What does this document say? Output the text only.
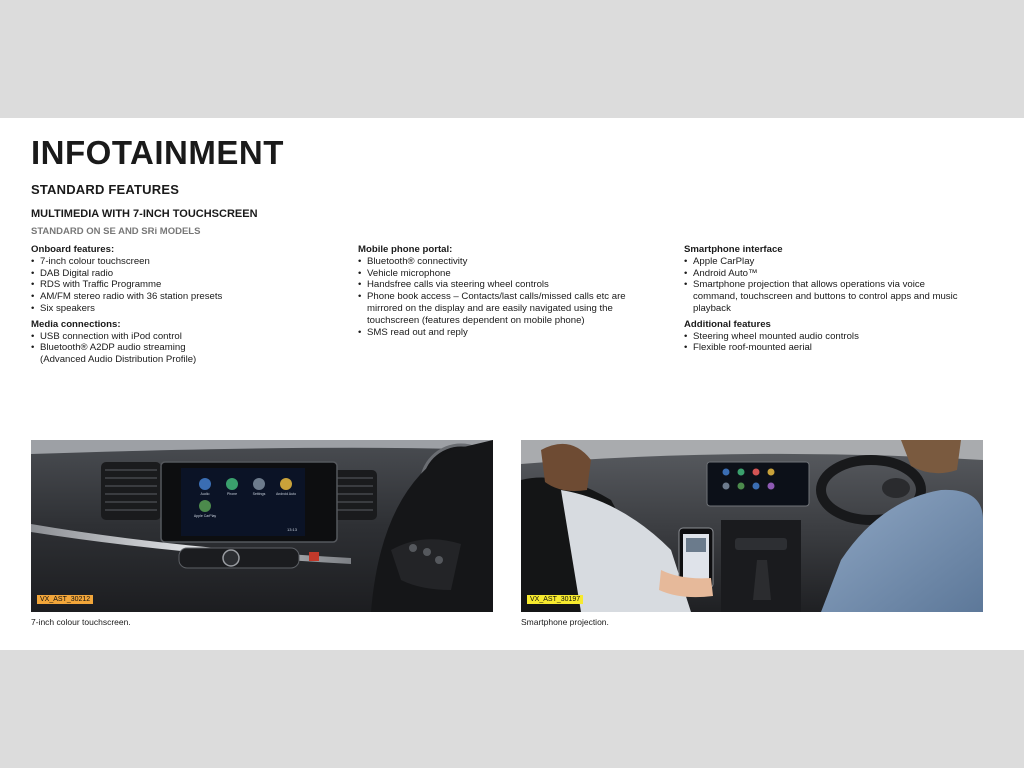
INFOTAINMENT
STANDARD FEATURES
MULTIMEDIA WITH 7-INCH TOUCHSCREEN
STANDARD ON SE AND SRi MODELS

Onboard features:

• 7-inch colour touchscreen
• DAB Digital radio
• RDS with Traffic Programme
• AM/FM stereo radio with 36 station presets
• Six speakers

Media connections:

• USB connection with iPod control
• Bluetooth® A2DP audio streaming (Advanced Audio Distribution Profile)

Mobile phone portal:

• Bluetooth® connectivity
• Vehicle microphone
• Handsfree calls via steering wheel controls
• Phone book access – Contacts/last calls/missed calls etc are mirrored on the display and are easily navigated using the touchscreen (features dependent on mobile phone)
• SMS read out and reply

Smartphone interface

• Apple CarPlay
• Android Auto™
• Smartphone projection that allows operations via voice command, touchscreen and buttons to control apps and music playback

Additional features

• Steering wheel mounted audio controls
• Flexible roof-mounted aerial
Audio	Phone	Settings	Android Auto
Apple CarPlay
13:13
VX_AST_30212
7-inch colour touchscreen.
VX_AST_30197
Smartphone projection.
